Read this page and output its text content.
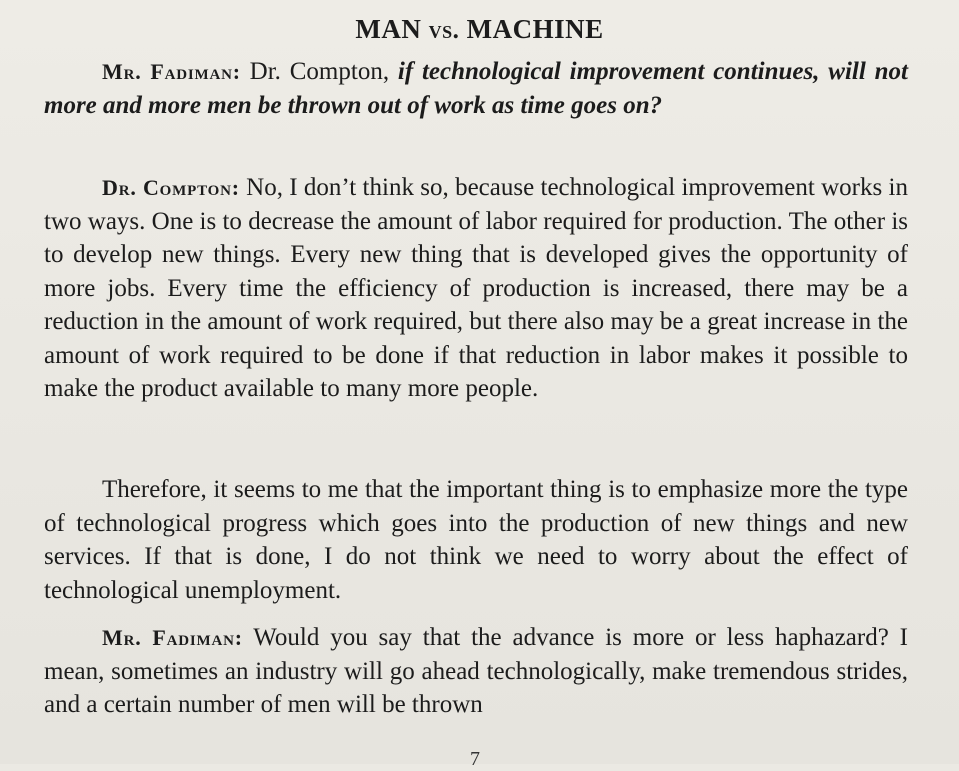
MAN vs. MACHINE

Mr. Fadiman: Dr. Compton, if technological improvement continues, will not more and more men be thrown out of work as time goes on?

Dr. Compton: No, I don’t think so, because technological improvement works in two ways. One is to decrease the amount of labor required for production. The other is to develop new things. Every new thing that is developed gives the opportunity of more jobs. Every time the efficiency of production is increased, there may be a reduction in the amount of work required, but there also may be a great increase in the amount of work required to be done if that reduction in labor makes it possible to make the product available to many more people.

Therefore, it seems to me that the important thing is to emphasize more the type of technological progress which goes into the production of new things and new services. If that is done, I do not think we need to worry about the effect of technological unemployment.

Mr. Fadiman: Would you say that the advance is more or less haphazard? I mean, sometimes an industry will go ahead technologically, make tremendous strides, and a certain number of men will be thrown

7
